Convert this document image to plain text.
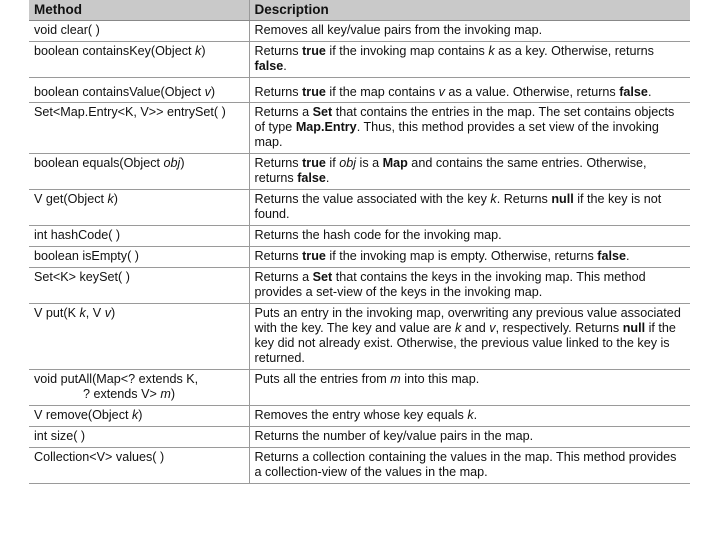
Method	Description
void clear( )	Removes all key/value pairs from the invoking map.
boolean containsKey(Object k)	Returns true if the invoking map contains k as a key. Otherwise, returns false.
boolean containsValue(Object v)	Returns true if the map contains v as a value. Otherwise, returns false.
Set<Map.Entry<K, V>> entrySet( )	Returns a Set that contains the entries in the map. The set contains objects of type Map.Entry. Thus, this method provides a set view of the invoking map.
boolean equals(Object obj)	Returns true if obj is a Map and contains the same entries. Otherwise, returns false.
V get(Object k)	Returns the value associated with the key k. Returns null if the key is not found.
int hashCode( )	Returns the hash code for the invoking map.
boolean isEmpty( )	Returns true if the invoking map is empty. Otherwise, returns false.
Set<K> keySet( )	Returns a Set that contains the keys in the invoking map. This method provides a set-view of the keys in the invoking map.
V put(K k, V v)	Puts an entry in the invoking map, overwriting any previous value associated with the key. The key and value are k and v, respectively. Returns null if the key did not already exist. Otherwise, the previous value linked to the key is returned.
void putAll(Map<? extends K,
? extends V> m)	Puts all the entries from m into this map.
V remove(Object k)	Removes the entry whose key equals k.
int size( )	Returns the number of key/value pairs in the map.
Collection<V> values( )	Returns a collection containing the values in the map. This method provides a collection-view of the values in the map.
